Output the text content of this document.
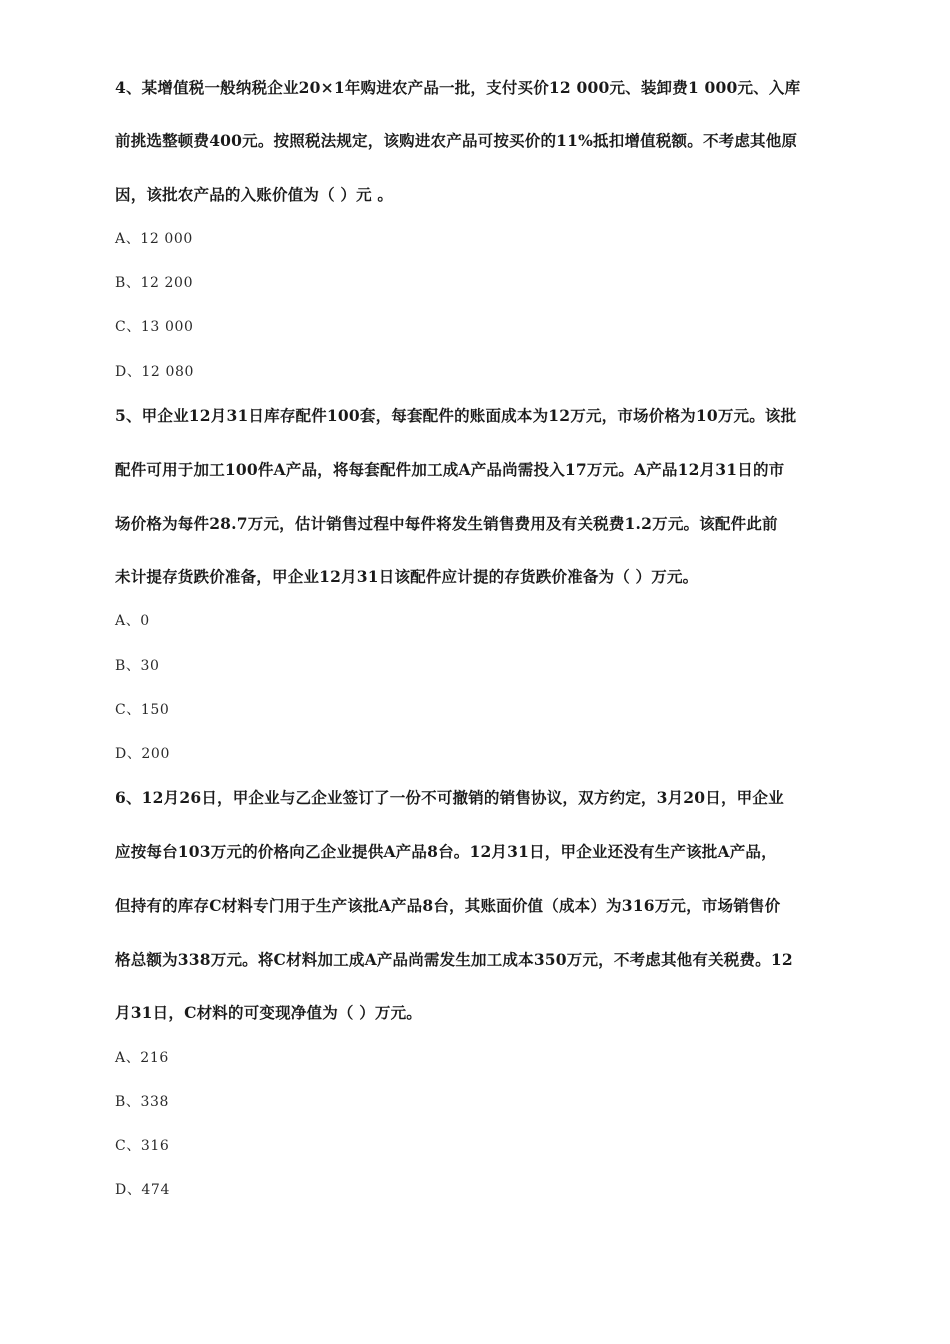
4、某增值税一般纳税企业20×1年购进农产品一批，支付买价12 000元、装卸费1 000元、入库
前挑选整顿费400元。按照税法规定，该购进农产品可按买价的11%抵扣增值税额。不考虑其他原
因，该批农产品的入账价值为（ ）元 。
A、12 000
B、12 200
C、13 000
D、12 080
5、甲企业12月31日库存配件100套，每套配件的账面成本为12万元，市场价格为10万元。该批
配件可用于加工100件A产品，将每套配件加工成A产品尚需投入17万元。A产品12月31日的市
场价格为每件28.7万元，估计销售过程中每件将发生销售费用及有关税费1.2万元。该配件此前
未计提存货跌价准备，甲企业12月31日该配件应计提的存货跌价准备为（ ）万元。
A、0
B、30
C、150
D、200
6、12月26日，甲企业与乙企业签订了一份不可撤销的销售协议，双方约定，3月20日，甲企业
应按每台103万元的价格向乙企业提供A产品8台。12月31日，甲企业还没有生产该批A产品，
但持有的库存C材料专门用于生产该批A产品8台，其账面价值（成本）为316万元，市场销售价
格总额为338万元。将C材料加工成A产品尚需发生加工成本350万元，不考虑其他有关税费。12
月31日，C材料的可变现净值为（ ）万元。
A、216
B、338
C、316
D、474
